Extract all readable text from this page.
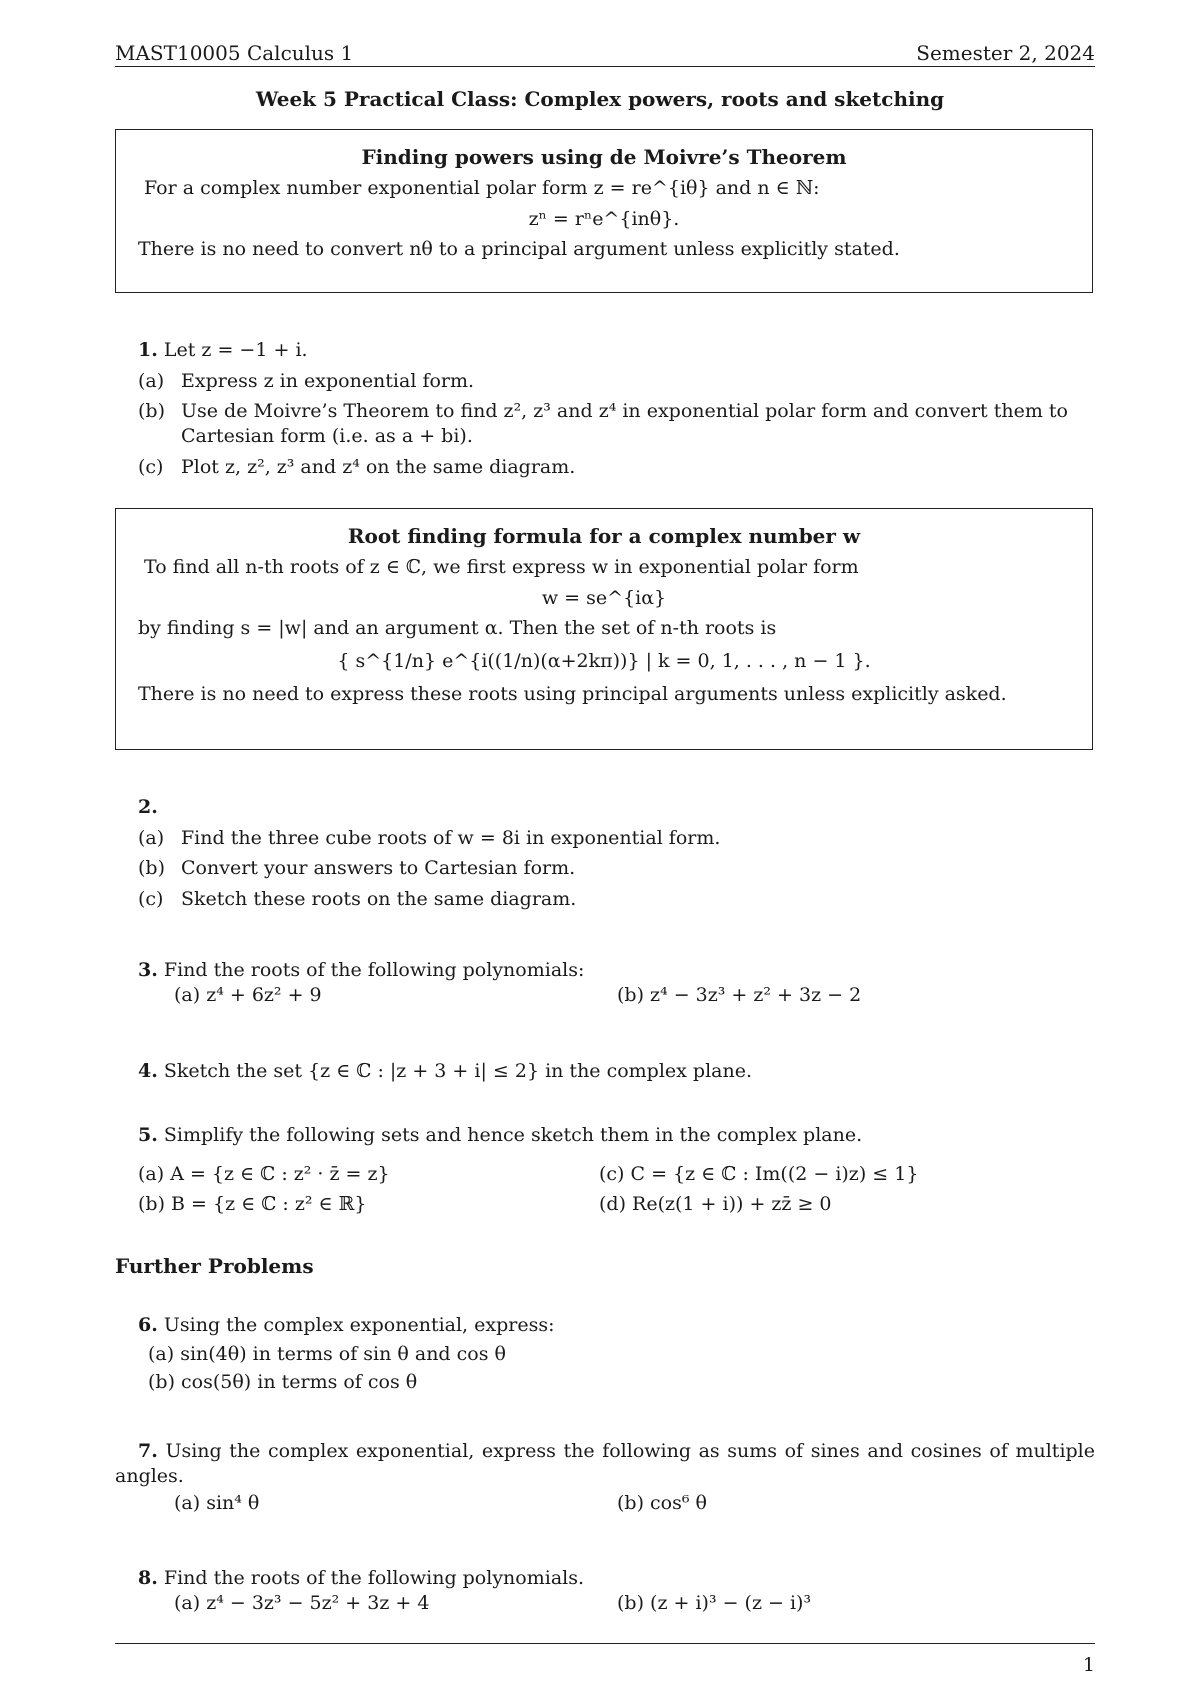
MAST10005 Calculus 1	Semester 2, 2024
Week 5 Practical Class: Complex powers, roots and sketching
Finding powers using de Moivre’s Theorem
For a complex number exponential polar form z = re^{iθ} and n ∈ ℕ:
zⁿ = rⁿe^{inθ}.
There is no need to convert nθ to a principal argument unless explicitly stated.
1. Let z = −1 + i.
(a) Express z in exponential form.
(b) Use de Moivre’s Theorem to find z², z³ and z⁴ in exponential polar form and convert them to Cartesian form (i.e. as a + bi).
(c) Plot z, z², z³ and z⁴ on the same diagram.
Root finding formula for a complex number w
To find all n-th roots of z ∈ ℂ, we first express w in exponential polar form
w = se^{iα}
by finding s = |w| and an argument α. Then the set of n-th roots is
{ s^{1/n} e^{i((1/n)(α+2kπ))} | k = 0, 1, . . . , n − 1 }.
There is no need to express these roots using principal arguments unless explicitly asked.
2.
(a) Find the three cube roots of w = 8i in exponential form.
(b) Convert your answers to Cartesian form.
(c) Sketch these roots on the same diagram.
3. Find the roots of the following polynomials:
(a) z⁴ + 6z² + 9	(b) z⁴ − 3z³ + z² + 3z − 2
4. Sketch the set {z ∈ ℂ : |z + 3 + i| ≤ 2} in the complex plane.
5. Simplify the following sets and hence sketch them in the complex plane.
(a) A = {z ∈ ℂ : z² · z̄ = z}	(c) C = {z ∈ ℂ : Im((2 − i)z) ≤ 1}
(b) B = {z ∈ ℂ : z² ∈ ℝ}	(d) Re(z(1 + i)) + zz̄ ≥ 0
Further Problems
6. Using the complex exponential, express:
(a) sin(4θ) in terms of sin θ and cos θ
(b) cos(5θ) in terms of cos θ
7. Using the complex exponential, express the following as sums of sines and cosines of multiple angles.
(a) sin⁴ θ	(b) cos⁶ θ
8. Find the roots of the following polynomials.
(a) z⁴ − 3z³ − 5z² + 3z + 4	(b) (z + i)³ − (z − i)³
1
